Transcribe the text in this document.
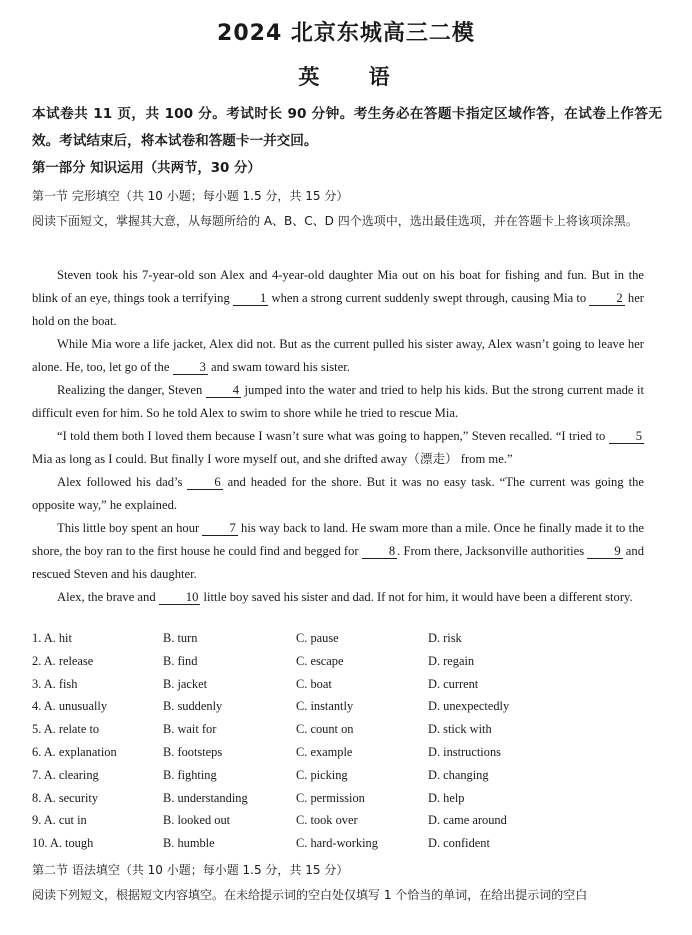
2024 北京东城高三二模
英    语
本试卷共 11 页，共 100 分。考试时长 90 分钟。考生务必在答题卡指定区域作答，在试卷上作答无效。考试结束后，将本试卷和答题卡一并交回。
第一部分 知识运用（共两节，30 分）
第一节 完形填空（共 10 小题；每小题 1.5 分，共 15 分）
阅读下面短文，掌握其大意，从每题所给的 A、B、C、D 四个选项中，选出最佳选项，并在答题卡上将该项涂黑。

Steven took his 7-year-old son Alex and 4-year-old daughter Mia out on his boat for fishing and fun. But in the blink of an eye, things took a terrifying 1 when a strong current suddenly swept through, causing Mia to 2 her hold on the boat.

While Mia wore a life jacket, Alex did not. But as the current pulled his sister away, Alex wasn’t going to leave her alone. He, too, let go of the 3 and swam toward his sister.

Realizing the danger, Steven 4 jumped into the water and tried to help his kids. But the strong current made it difficult even for him. So he told Alex to swim to shore while he tried to rescue Mia.

“I told them both I loved them because I wasn’t sure what was going to happen,” Steven recalled. “I tried to 5 Mia as long as I could. But finally I wore myself out, and she drifted away（漂走） from me.”

Alex followed his dad’s 6 and headed for the shore. But it was no easy task. “The current was going the opposite way,” he explained.

This little boy spent an hour 7 his way back to land. He swam more than a mile. Once he finally made it to the shore, the boy ran to the first house he could find and begged for 8 . From there, Jacksonville authorities 9 and rescued Steven and his daughter.

Alex, the brave and 10 little boy saved his sister and dad. If not for him, it would have been a different story.

1. A. hit	B. turn	C. pause	D. risk
2. A. release	B. find	C. escape	D. regain
3. A. fish	B. jacket	C. boat	D. current
4. A. unusually	B. suddenly	C. instantly	D. unexpectedly
5. A. relate to	B. wait for	C. count on	D. stick with
6. A. explanation	B. footsteps	C. example	D. instructions
7. A. clearing	B. fighting	C. picking	D. changing
8. A. security	B. understanding	C. permission	D. help
9. A. cut in	B. looked out	C. took over	D. came around
10. A. tough	B. humble	C. hard-working	D. confident
第二节 语法填空（共 10 小题；每小题 1.5 分，共 15 分）
阅读下列短文，根据短文内容填空。在未给提示词的空白处仅填写 1 个恰当的单词，在给出提示词的空白
